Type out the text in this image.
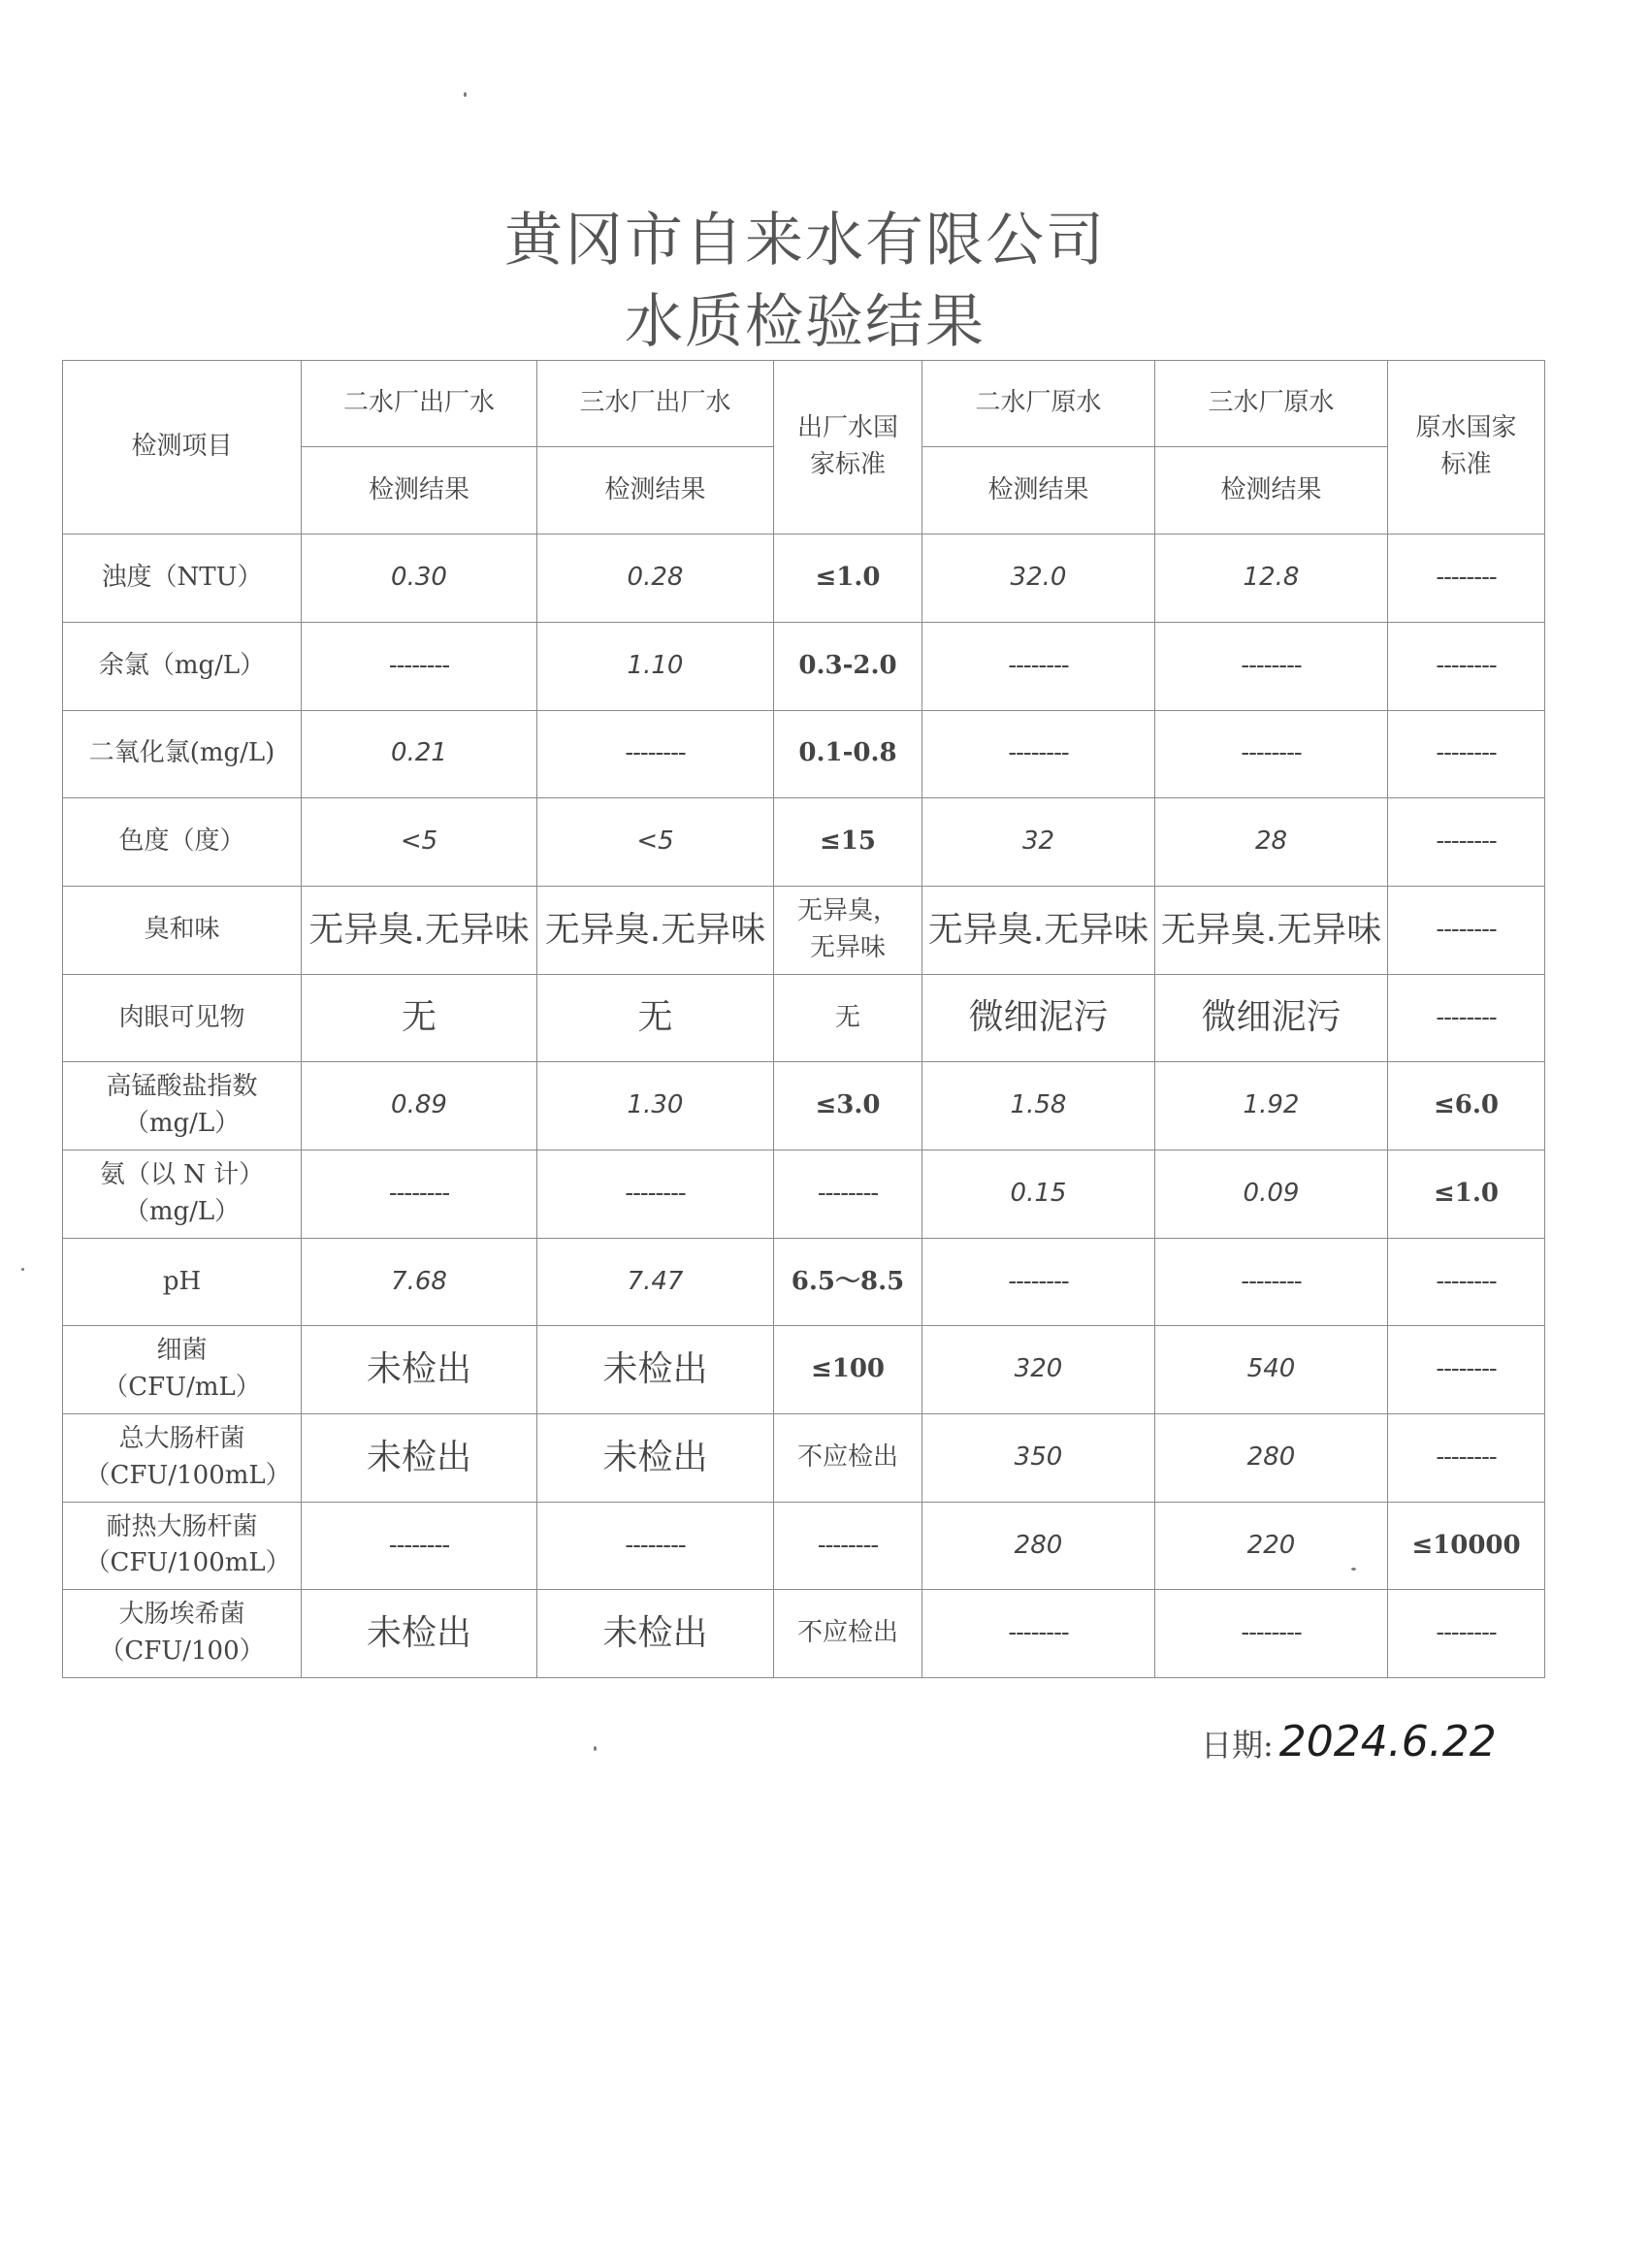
黄冈市自来水有限公司
水质检验结果
检测项目	二水厂出厂水	三水厂出厂水	出厂水国家标准	二水厂原水	三水厂原水	原水国家标准

	检测结果	检测结果		检测结果	检测结果	

浊度（NTU）	0.30	0.28	≤1.0	32.0	12.8	--------

余氯（mg/L）	--------	1.10	0.3-2.0	--------	--------	--------

二氧化氯(mg/L)	0.21	--------	0.1-0.8	--------	--------	--------

色度（度）	<5	<5	≤15	32	28	--------

臭和味	无异臭.无异味	无异臭.无异味	无异臭，无异味	无异臭.无异味	无异臭.无异味	--------

肉眼可见物	无	无	无	微细泥污	微细泥污	--------

高锰酸盐指数（mg/L）	0.89	1.30	≤3.0	1.58	1.92	≤6.0

氨（以 N 计）（mg/L）	--------	--------	--------	0.15	0.09	≤1.0

pH	7.68	7.47	6.5～8.5	--------	--------	--------

细菌（CFU/mL）	未检出	未检出	≤100	320	540	--------

总大肠杆菌（CFU/100mL）	未检出	未检出	不应检出	350	280	--------

耐热大肠杆菌（CFU/100mL）	--------	--------	--------	280	220	≤10000

大肠埃希菌（CFU/100）	未检出	未检出	不应检出	--------	--------	--------
日期: 2024.6.22
